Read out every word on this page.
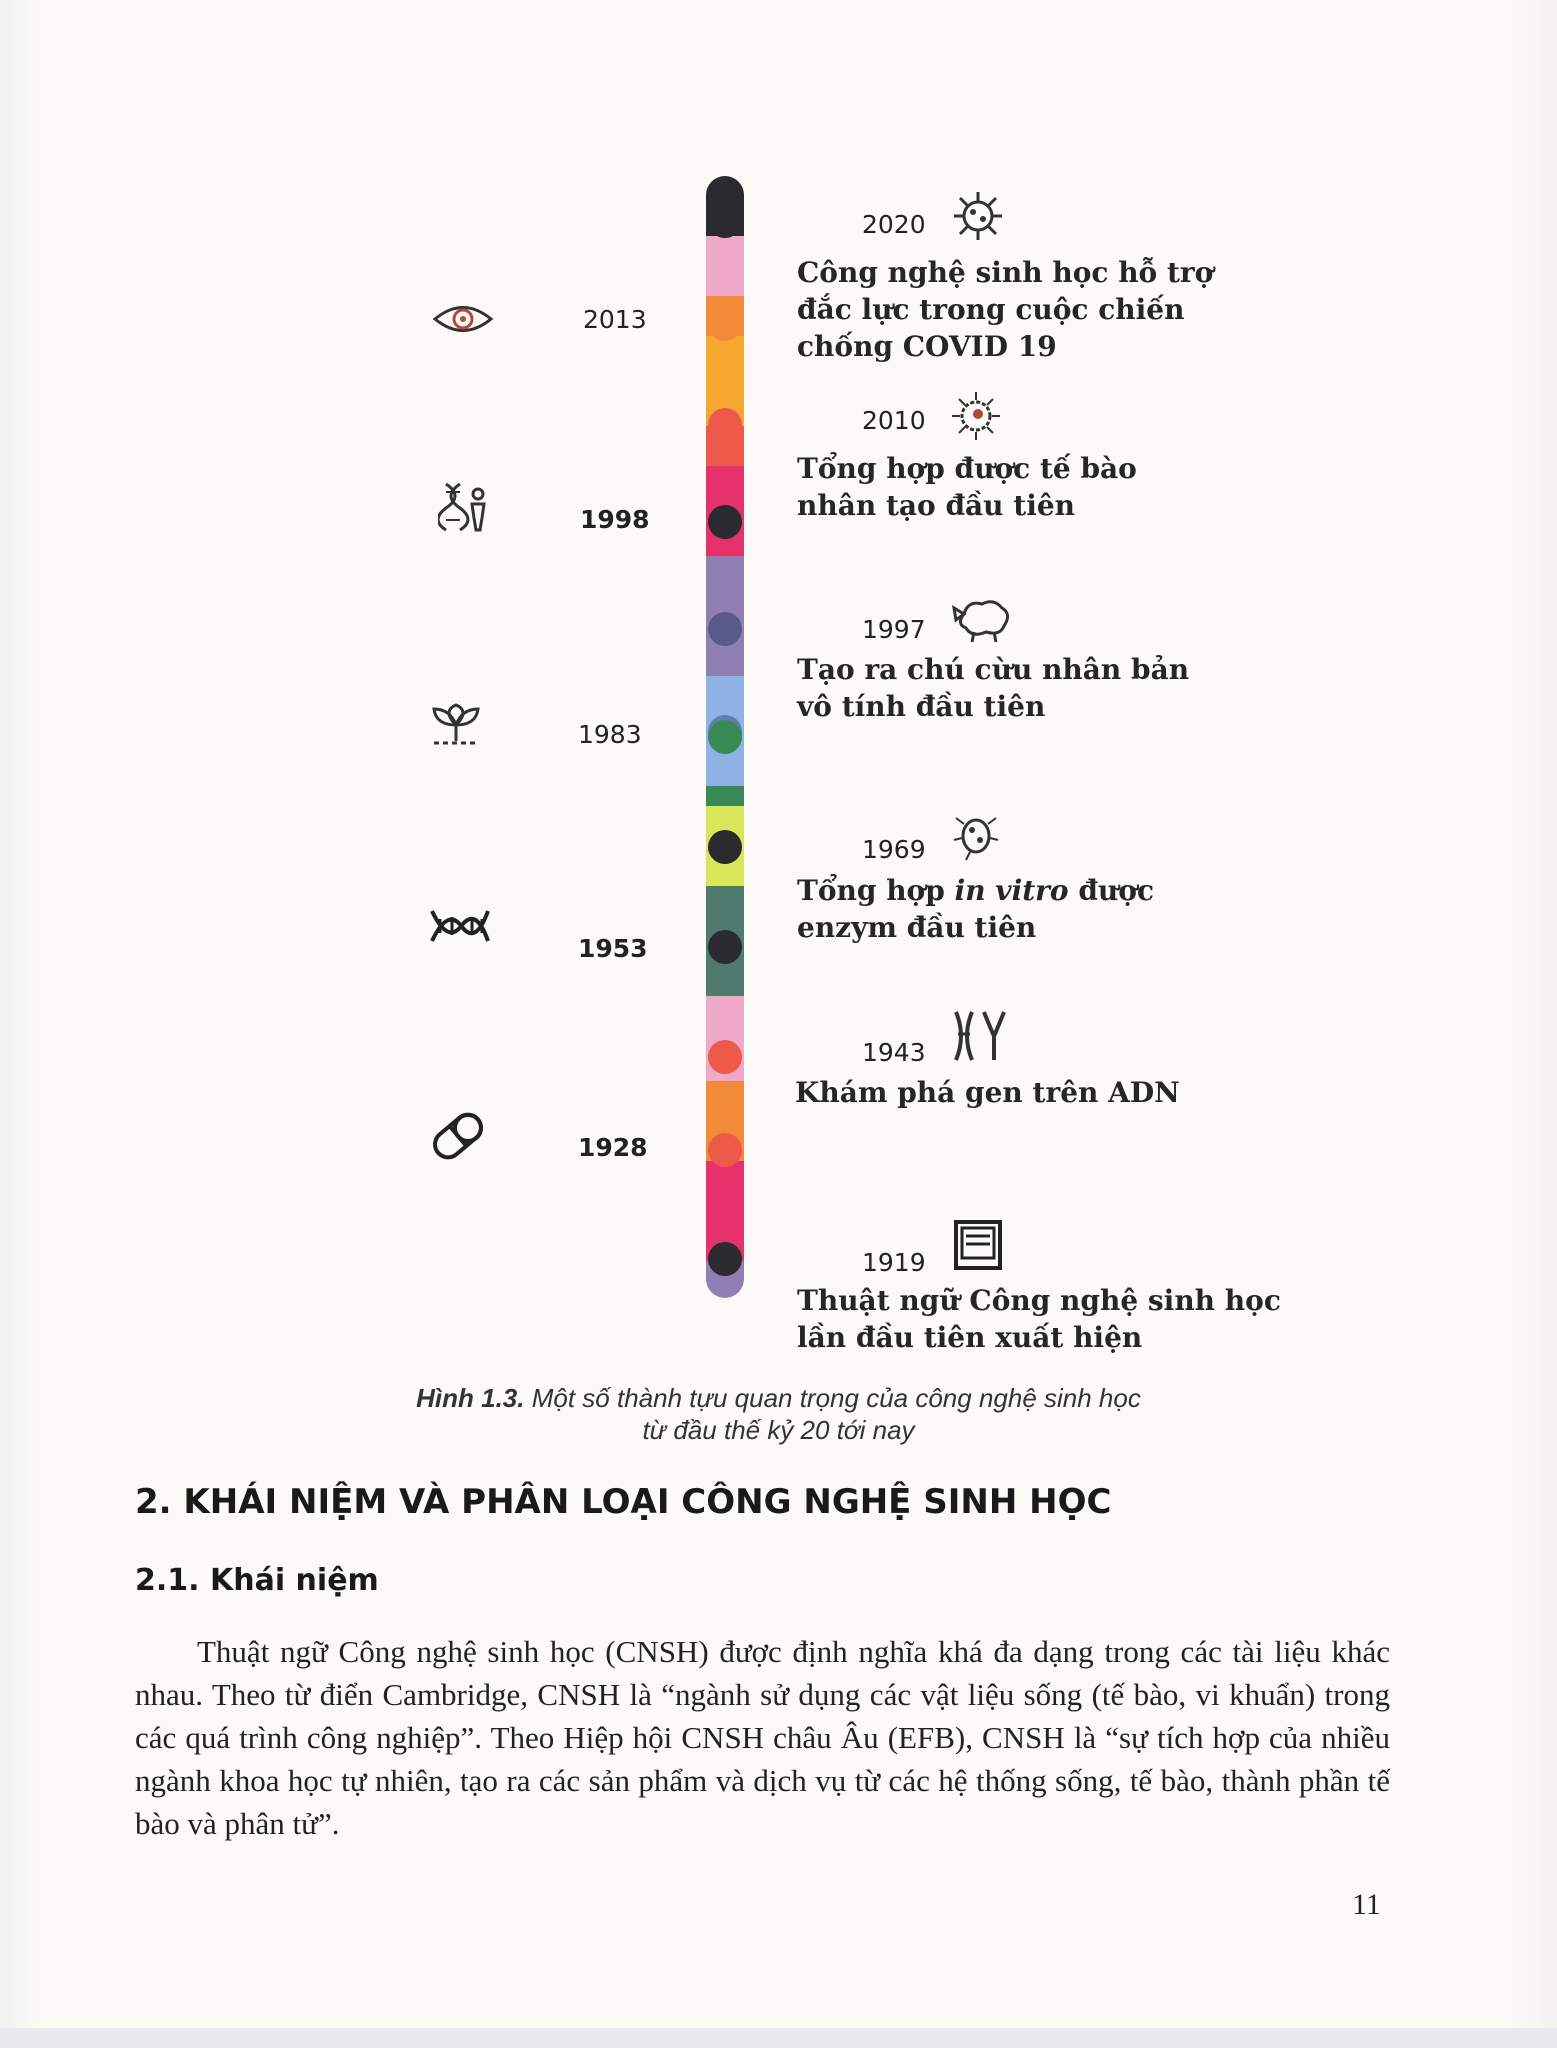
2013
1998
1983
1953
1928
2020
Công nghệ sinh học hỗ trợ
đắc lực trong cuộc chiến
chống COVID 19
2010
Tổng hợp được tế bào
nhân tạo đầu tiên
1997
Tạo ra chú cừu nhân bản
vô tính đầu tiên
1969
Tổng hợp in vitro được
enzym đầu tiên
1943
Khám phá gen trên ADN
1919
Thuật ngữ Công nghệ sinh học
lần đầu tiên xuất hiện
Hình 1.3. Một số thành tựu quan trọng của công nghệ sinh học
từ đầu thế kỷ 20 tới nay
2. KHÁI NIỆM VÀ PHÂN LOẠI CÔNG NGHỆ SINH HỌC
2.1. Khái niệm
Thuật ngữ Công nghệ sinh học (CNSH) được định nghĩa khá đa dạng trong các tài liệu khác nhau. Theo từ điển Cambridge, CNSH là “ngành sử dụng các vật liệu sống (tế bào, vi khuẩn) trong các quá trình công nghiệp”. Theo Hiệp hội CNSH châu Âu (EFB), CNSH là “sự tích hợp của nhiều ngành khoa học tự nhiên, tạo ra các sản phẩm và dịch vụ từ các hệ thống sống, tế bào, thành phần tế bào và phân tử”.
11
